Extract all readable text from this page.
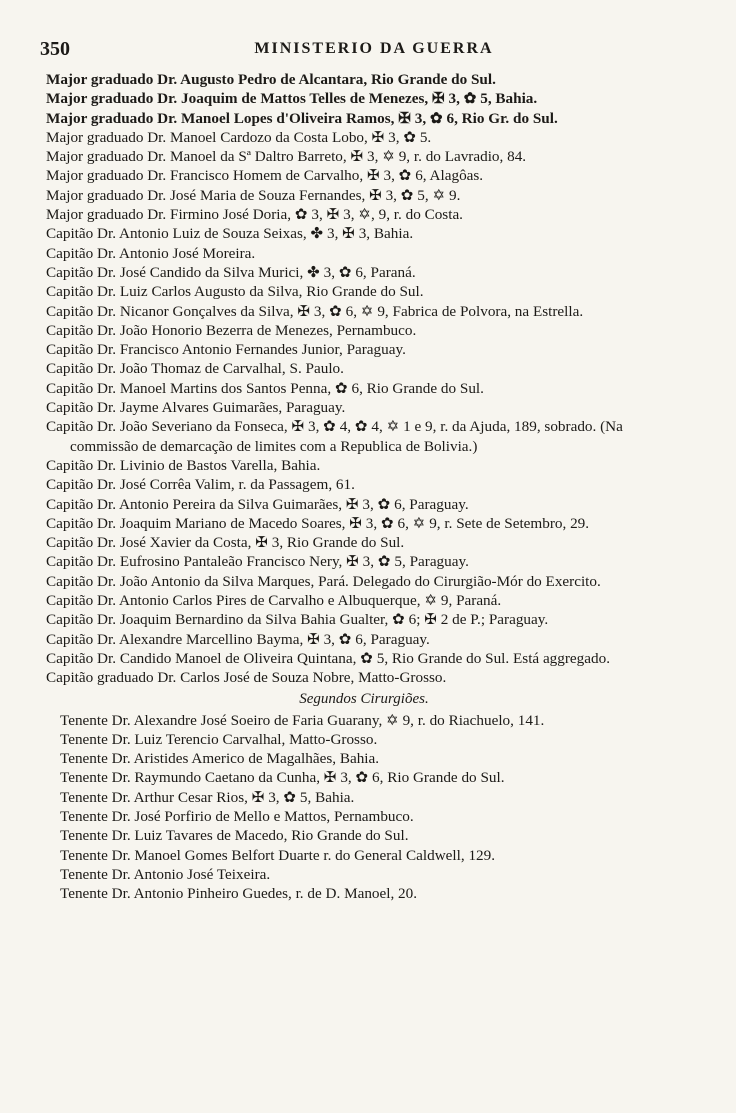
350	MINISTERIO DA GUERRA
Major graduado Dr. Augusto Pedro de Alcantara, Rio Grande do Sul.
Major graduado Dr. Joaquim de Mattos Telles de Menezes, ✠ 3, ✿ 5, Bahia.
Major graduado Dr. Manoel Lopes d'Oliveira Ramos, ✠ 3, ✿ 6, Rio Gr. do Sul.
Major graduado Dr. Manoel Cardozo da Costa Lobo, ✠ 3, ✿ 5.
Major graduado Dr. Manoel da Sª Daltro Barreto, ✠ 3, ✡ 9, r. do Lavradio, 84.
Major graduado Dr. Francisco Homem de Carvalho, ✠ 3, ✿ 6, Alagôas.
Major graduado Dr. José Maria de Souza Fernandes, ✠ 3, ✿ 5, ✡ 9.
Major graduado Dr. Firmino José Doria, ✿ 3, ✠ 3, ✡, 9, r. do Costa.
Capitão Dr. Antonio Luiz de Souza Seixas, ✤ 3, ✠ 3, Bahia.
Capitão Dr. Antonio José Moreira.
Capitão Dr. José Candido da Silva Murici, ✤ 3, ✿ 6, Paraná.
Capitão Dr. Luiz Carlos Augusto da Silva, Rio Grande do Sul.
Capitão Dr. Nicanor Gonçalves da Silva, ✠ 3, ✿ 6, ✡ 9, Fabrica de Polvora, na Estrella.
Capitão Dr. João Honorio Bezerra de Menezes, Pernambuco.
Capitão Dr. Francisco Antonio Fernandes Junior, Paraguay.
Capitão Dr. João Thomaz de Carvalhal, S. Paulo.
Capitão Dr. Manoel Martins dos Santos Penna, ✿ 6, Rio Grande do Sul.
Capitão Dr. Jayme Alvares Guimarães, Paraguay.
Capitão Dr. João Severiano da Fonseca, ✠ 3, ✿ 4, ✿ 4, ✡ 1 e 9, r. da Ajuda, 189, sobrado. (Na commissão de demarcação de limites com a Republica de Bolivia.)
Capitão Dr. Livinio de Bastos Varella, Bahia.
Capitão Dr. José Corrêa Valim, r. da Passagem, 61.
Capitão Dr. Antonio Pereira da Silva Guimarães, ✠ 3, ✿ 6, Paraguay.
Capitão Dr. Joaquim Mariano de Macedo Soares, ✠ 3, ✿ 6, ✡ 9, r. Sete de Setembro, 29.
Capitão Dr. José Xavier da Costa, ✠ 3, Rio Grande do Sul.
Capitão Dr. Eufrosino Pantaleão Francisco Nery, ✠ 3, ✿ 5, Paraguay.
Capitão Dr. João Antonio da Silva Marques, Pará. Delegado do Cirurgião-Mór do Exercito.
Capitão Dr. Antonio Carlos Pires de Carvalho e Albuquerque, ✡ 9, Paraná.
Capitão Dr. Joaquim Bernardino da Silva Bahia Gualter, ✿ 6; ✠ 2 de P.; Paraguay.
Capitão Dr. Alexandre Marcellino Bayma, ✠ 3, ✿ 6, Paraguay.
Capitão Dr. Candido Manoel de Oliveira Quintana, ✿ 5, Rio Grande do Sul. Está aggregado.
Capitão graduado Dr. Carlos José de Souza Nobre, Matto-Grosso.
Segundos Cirurgiões.
Tenente Dr. Alexandre José Soeiro de Faria Guarany, ✡ 9, r. do Riachuelo, 141.
Tenente Dr. Luiz Terencio Carvalhal, Matto-Grosso.
Tenente Dr. Aristides Americo de Magalhães, Bahia.
Tenente Dr. Raymundo Caetano da Cunha, ✠ 3, ✿ 6, Rio Grande do Sul.
Tenente Dr. Arthur Cesar Rios, ✠ 3, ✿ 5, Bahia.
Tenente Dr. José Porfirio de Mello e Mattos, Pernambuco.
Tenente Dr. Luiz Tavares de Macedo, Rio Grande do Sul.
Tenente Dr. Manoel Gomes Belfort Duarte r. do General Caldwell, 129.
Tenente Dr. Antonio José Teixeira.
Tenente Dr. Antonio Pinheiro Guedes, r. de D. Manoel, 20.
